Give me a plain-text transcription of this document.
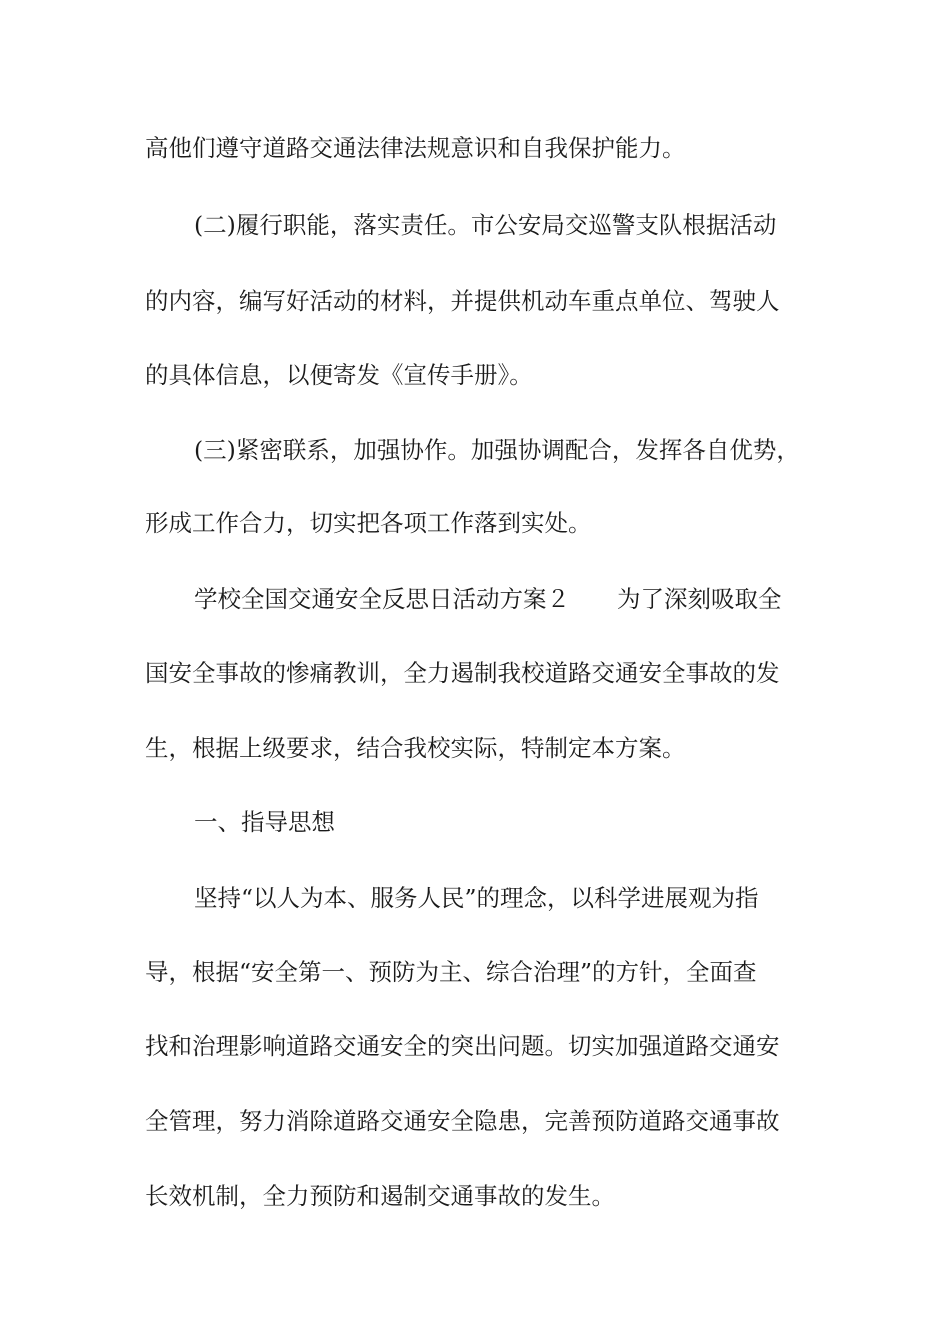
高他们遵守道路交通法律法规意识和自我保护能力。
(二)履行职能，落实责任。市公安局交巡警支队根据活动
的内容，编写好活动的材料，并提供机动车重点单位、驾驶人
的具体信息，以便寄发《宣传手册》。
(三)紧密联系，加强协作。加强协调配合，发挥各自优势，
形成工作合力，切实把各项工作落到实处。
学校全国交通安全反思日活动方案２　　为了深刻吸取全
国安全事故的惨痛教训，全力遏制我校道路交通安全事故的发
生，根据上级要求，结合我校实际，特制定本方案。
一、指导思想
坚持“以人为本、服务人民”的理念，以科学进展观为指
导，根据“安全第一、预防为主、综合治理”的方针，全面查
找和治理影响道路交通安全的突出问题。切实加强道路交通安
全管理，努力消除道路交通安全隐患，完善预防道路交通事故
长效机制，全力预防和遏制交通事故的发生。
